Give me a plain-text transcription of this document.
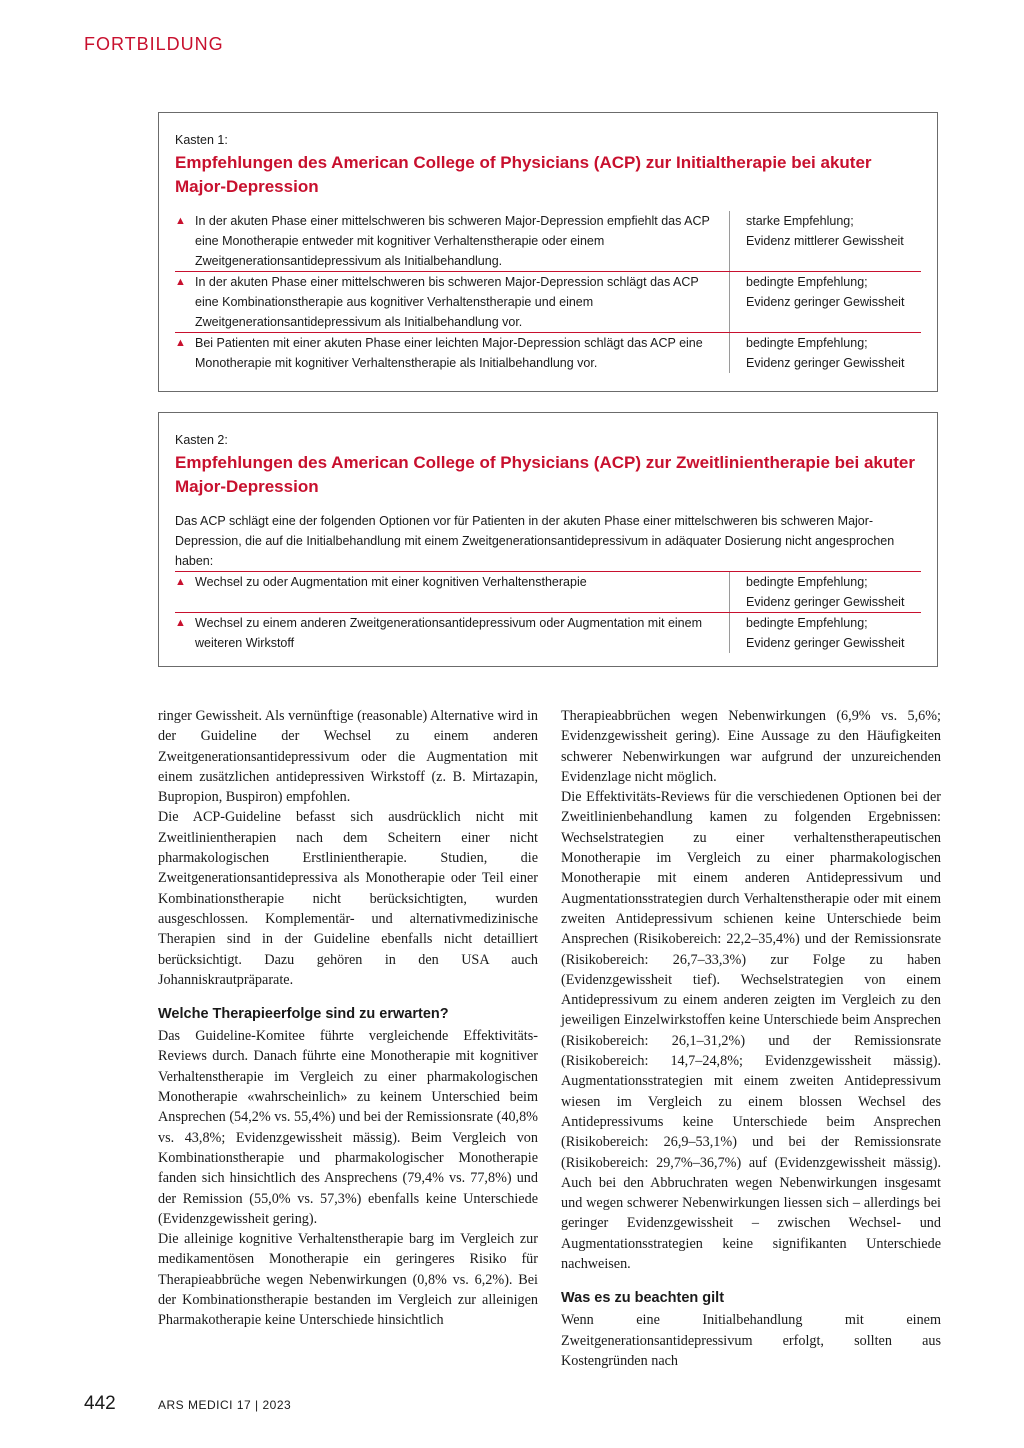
FORTBILDUNG
Kasten 1:
Empfehlungen des American College of Physicians (ACP) zur Initialtherapie bei akuter Major-Depression
▲ In der akuten Phase einer mittelschweren bis schweren Major-Depression empfiehlt das ACP eine Monotherapie entweder mit kognitiver Verhaltenstherapie oder einem Zweitgenerationsantidepressivum als Initialbehandlung.
starke Empfehlung;
Evidenz mittlerer Gewissheit
▲ In der akuten Phase einer mittelschweren bis schweren Major-Depression schlägt das ACP eine Kombinationstherapie aus kognitiver Verhaltenstherapie und einem Zweitgenerationsantidepressivum als Initialbehandlung vor.
bedingte Empfehlung;
Evidenz geringer Gewissheit
▲ Bei Patienten mit einer akuten Phase einer leichten Major-Depression schlägt das ACP eine Monotherapie mit kognitiver Verhaltenstherapie als Initialbehandlung vor.
bedingte Empfehlung;
Evidenz geringer Gewissheit
Kasten 2:
Empfehlungen des American College of Physicians (ACP) zur Zweitlinientherapie bei akuter Major-Depression
Das ACP schlägt eine der folgenden Optionen vor für Patienten in der akuten Phase einer mittelschweren bis schweren Major-Depression, die auf die Initialbehandlung mit einem Zweitgenerationsantidepressivum in adäquater Dosierung nicht angesprochen haben:
▲ Wechsel zu oder Augmentation mit einer kognitiven Verhaltenstherapie	bedingte Empfehlung;
Evidenz geringer Gewissheit
▲ Wechsel zu einem anderen Zweitgenerationsantidepressivum oder Augmentation mit einem weiteren Wirkstoff
bedingte Empfehlung;
Evidenz geringer Gewissheit

ringer Gewissheit. Als vernünftige (reasonable) Alternative wird in der Guideline der Wechsel zu einem anderen Zweitgenerationsantidepressivum oder die Augmentation mit einem zusätzlichen antidepressiven Wirkstoff (z. B. Mirtazapin, Bupropion, Buspiron) empfohlen.

Die ACP-Guideline befasst sich ausdrücklich nicht mit Zweitlinientherapien nach dem Scheitern einer nicht pharmakologischen Erstlinientherapie. Studien, die Zweitgenerationsantidepressiva als Monotherapie oder Teil einer Kombinationstherapie nicht berücksichtigten, wurden ausgeschlossen. Komplementär- und alternativmedizinische Therapien sind in der Guideline ebenfalls nicht detailliert berücksichtigt. Dazu gehören in den USA auch Johanniskrautpräparate.

Welche Therapieerfolge sind zu erwarten?

Das Guideline-Komitee führte vergleichende Effektivitäts-Reviews durch. Danach führte eine Monotherapie mit kognitiver Verhaltenstherapie im Vergleich zu einer pharmakologischen Monotherapie «wahrscheinlich» zu keinem Unterschied beim Ansprechen (54,2% vs. 55,4%) und bei der Remissionsrate (40,8% vs. 43,8%; Evidenzgewissheit mässig). Beim Vergleich von Kombinationstherapie und pharmakologischer Monotherapie fanden sich hinsichtlich des Ansprechens (79,4% vs. 77,8%) und der Remission (55,0% vs. 57,3%) ebenfalls keine Unterschiede (Evidenzgewissheit gering).

Die alleinige kognitive Verhaltenstherapie barg im Vergleich zur medikamentösen Monotherapie ein geringeres Risiko für Therapieabbrüche wegen Nebenwirkungen (0,8% vs. 6,2%). Bei der Kombinationstherapie bestanden im Vergleich zur alleinigen Pharmakotherapie keine Unterschiede hinsichtlich

Therapieabbrüchen wegen Nebenwirkungen (6,9% vs. 5,6%; Evidenzgewissheit gering). Eine Aussage zu den Häufigkeiten schwerer Nebenwirkungen war aufgrund der unzureichenden Evidenzlage nicht möglich.

Die Effektivitäts-Reviews für die verschiedenen Optionen bei der Zweitlinienbehandlung kamen zu folgenden Ergebnissen: Wechselstrategien zu einer verhaltenstherapeutischen Monotherapie im Vergleich zu einer pharmakologischen Monotherapie mit einem anderen Antidepressivum und Augmentationsstrategien durch Verhaltenstherapie oder mit einem zweiten Antidepressivum schienen keine Unterschiede beim Ansprechen (Risikobereich: 22,2–35,4%) und der Remissionsrate (Risikobereich: 26,7–33,3%) zur Folge zu haben (Evidenzgewissheit tief). Wechselstrategien von einem Antidepressivum zu einem anderen zeigten im Vergleich zu den jeweiligen Einzelwirkstoffen keine Unterschiede beim Ansprechen (Risikobereich: 26,1–31,2%) und der Remissionsrate (Risikobereich: 14,7–24,8%; Evidenzgewissheit mässig). Augmentationsstrategien mit einem zweiten Antidepressivum wiesen im Vergleich zu einem blossen Wechsel des Antidepressivums keine Unterschiede beim Ansprechen (Risikobereich: 26,9–53,1%) und bei der Remissionsrate (Risikobereich: 29,7%–36,7%) auf (Evidenzgewissheit mässig). Auch bei den Abbruchraten wegen Nebenwirkungen insgesamt und wegen schwerer Nebenwirkungen liessen sich – allerdings bei geringer Evidenzgewissheit – zwischen Wechsel- und Augmentationsstrategien keine signifikanten Unterschiede nachweisen.

Was es zu beachten gilt

Wenn eine Initialbehandlung mit einem Zweitgenerationsantidepressivum erfolgt, sollten aus Kostengründen nach

442	ARS MEDICI 17 | 2023
